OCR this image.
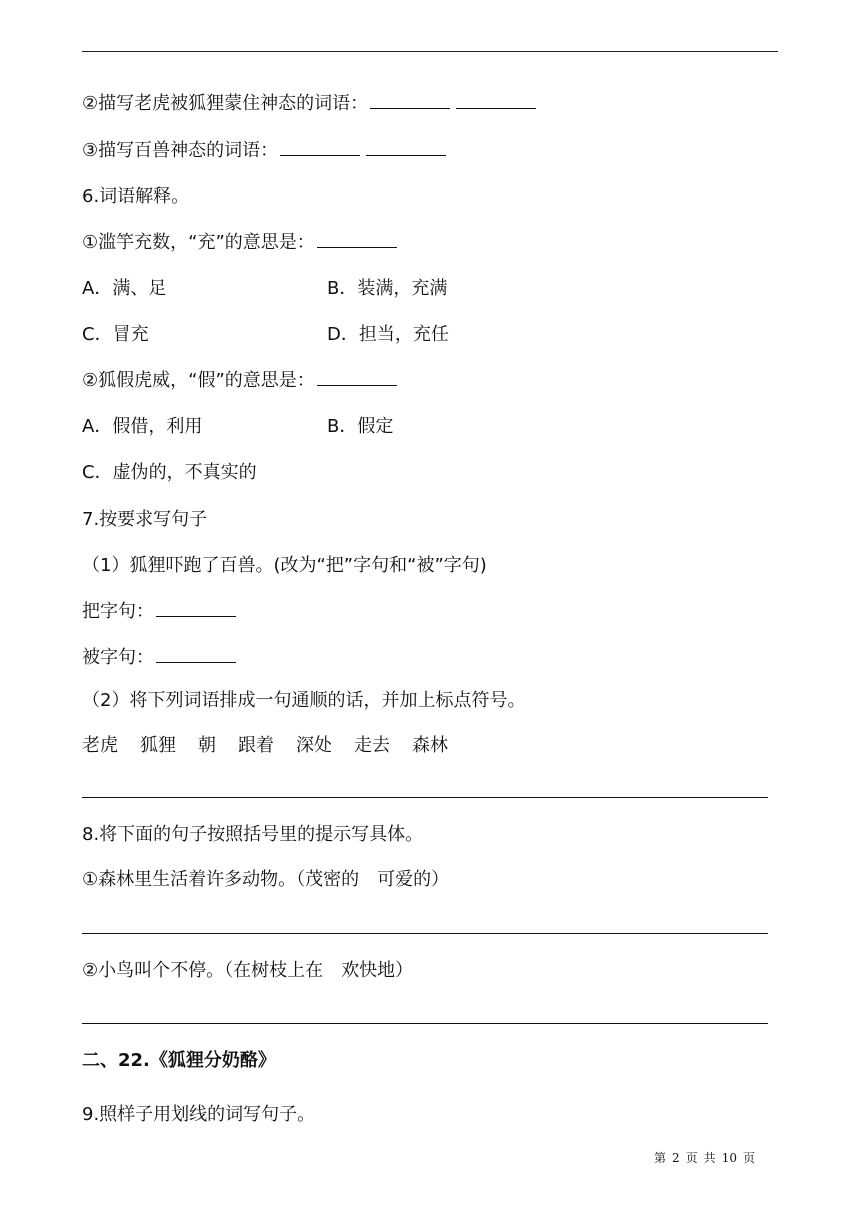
②描写老虎被狐狸蒙住神态的词语：
③描写百兽神态的词语：
6.词语解释。
①滥竽充数，“充”的意思是：
A．满、足	B．装满，充满
C．冒充	D．担当，充任
②狐假虎威，“假”的意思是：
A．假借，利用	B．假定
C．虚伪的，不真实的
7.按要求写句子
（1）狐狸吓跑了百兽。(改为“把”字句和“被”字句)
把字句：
被字句：
（2）将下列词语排成一句通顺的话，并加上标点符号。
老虎 狐狸 朝 跟着 深处 走去 森林
8.将下面的句子按照括号里的提示写具体。
①森林里生活着许多动物。（茂密的　可爱的）
②小鸟叫个不停。（在树枝上在　欢快地）
二、22.《狐狸分奶酪》
9.照样子用划线的词写句子。
第 2 页 共 10 页
